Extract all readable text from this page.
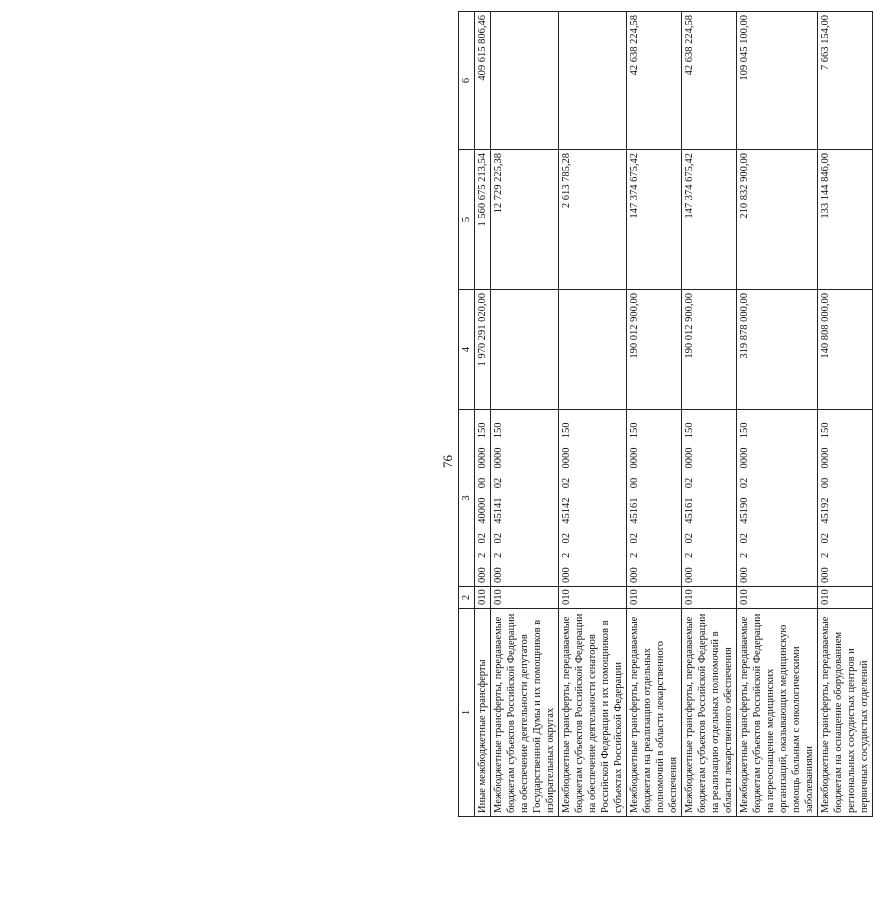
76
1	2	3	4	5	6
Иные межбюджетные трансферты	010	000  2  02  40000  00  0000  150	1 970 291 020,00	1 560 675 213,54	409 615 806,46
Межбюджетные трансферты, передаваемые бюджетам субъектов Российской Федерации на обеспечение деятельности депутатов Государственной Думы и их помощников в избирательных округах	010	000  2  02  45141  02  0000  150		12 729 225,38	
Межбюджетные трансферты, передаваемые бюджетам субъектов Российской Федерации на обеспечение деятельности сенаторов Российской Федерации и их помощников в субъектах Российской Федерации	010	000  2  02  45142  02  0000  150		2 613 785,28	
Межбюджетные трансферты, передаваемые бюджетам на реализацию отдельных полномочий в области лекарственного обеспечения	010	000  2  02  45161  00  0000  150	190 012 900,00	147 374 675,42	42 638 224,58
Межбюджетные трансферты, передаваемые бюджетам субъектов Российской Федерации на реализацию отдельных полномочий в области лекарственного обеспечения	010	000  2  02  45161  02  0000  150	190 012 900,00	147 374 675,42	42 638 224,58
Межбюджетные трансферты, передаваемые бюджетам субъектов Российской Федерации на переоснащение медицинских организаций, оказывающих медицинскую помощь больным с онкологическими заболеваниями	010	000  2  02  45190  02  0000  150	319 878 000,00	210 832 900,00	109 045 100,00
Межбюджетные трансферты, передаваемые бюджетам на оснащение оборудованием региональных сосудистых центров и первичных сосудистых отделений	010	000  2  02  45192  00  0000  150	140 808 000,00	133 144 846,00	7 663 154,00
